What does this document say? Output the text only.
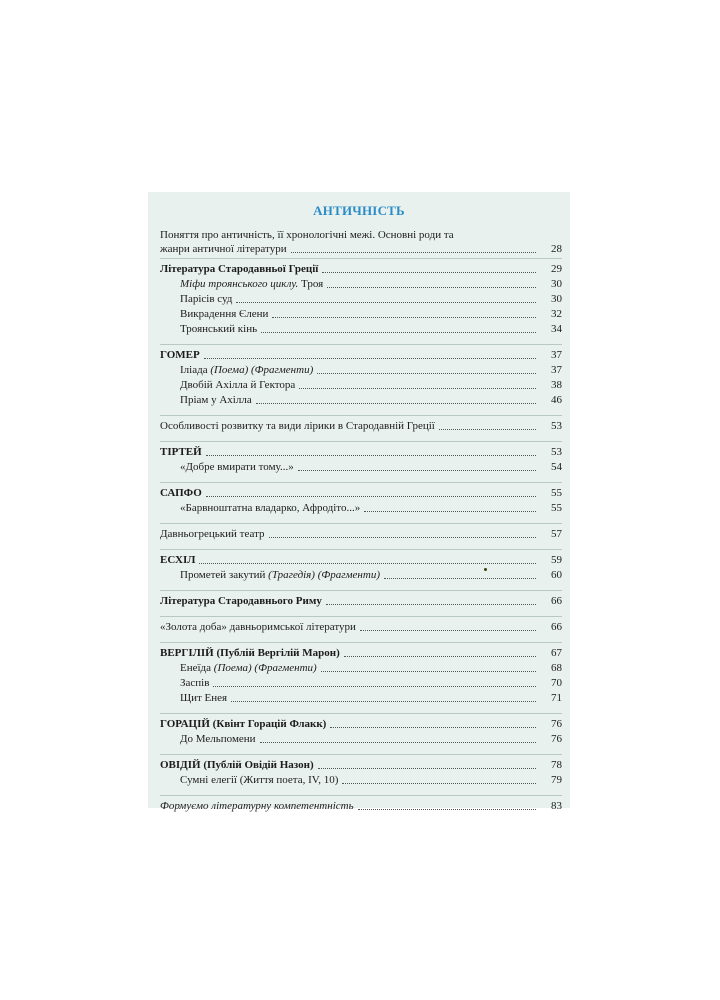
АНТИЧНІСТЬ
Поняття про античність, її хронологічні межі. Основні роди та
жанри античної літератури	28
Література Стародавньої Греції	29
Міфи троянського циклу. Троя	30
Парісів суд	30
Викрадення Єлени	32
Троянський кінь	34
ГОМЕР	37
Іліада (Поема) (Фрагменти)	37
Двобій Ахілла й Гектора	38
Пріам у Ахілла	46
Особливості розвитку та види лірики в Стародавній Греції	53
ТІРТЕЙ	53
«Добре вмирати тому...»	54
САПФО	55
«Барвноштатна владарко, Афродіто...»	55
Давньогрецький театр	57
ЕСХІЛ	59
Прометей закутий (Трагедія) (Фрагменти)	60
Література Стародавнього Риму	66
«Золота доба» давньоримської літератури	66
ВЕРГІЛІЙ (Публій Вергілій Марон)	67
Енеїда (Поема) (Фрагменти)	68
Заспів	70
Щит Енея	71
ГОРАЦІЙ (Квінт Горацій Флакк)	76
До Мельпомени	76
ОВІДІЙ (Публій Овідій Назон)	78
Сумні елегії (Життя поета, IV, 10)	79
Формуємо літературну компетентність	83
